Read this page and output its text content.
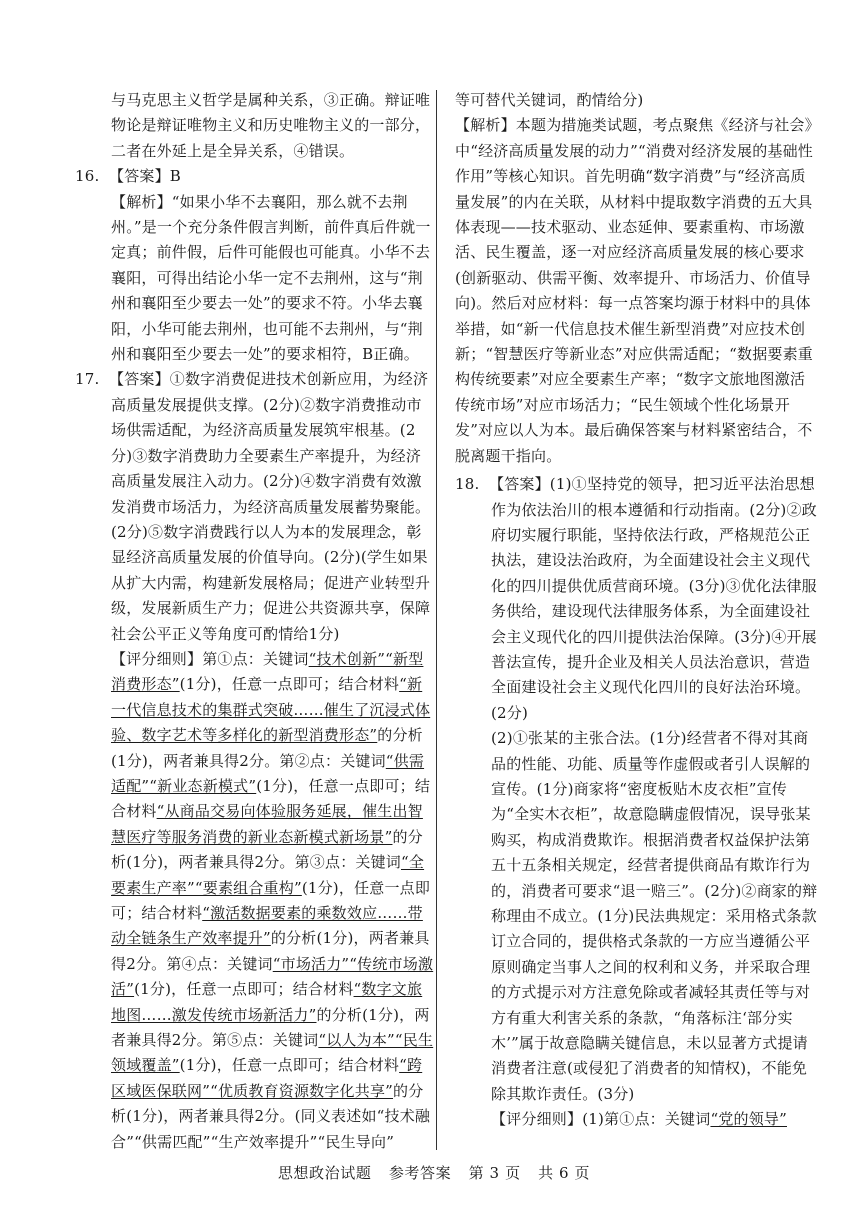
与马克思主义哲学是属种关系，③正确。辩证唯物论是辩证唯物主义和历史唯物主义的一部分，二者在外延上是全异关系，④错误。

16. 【答案】B

【解析】“如果小华不去襄阳，那么就不去荆州。”是一个充分条件假言判断，前件真后件就一定真；前件假，后件可能假也可能真。小华不去襄阳，可得出结论小华一定不去荆州，这与“荆州和襄阳至少要去一处”的要求不符。小华去襄阳，小华可能去荆州，也可能不去荆州，与“荆州和襄阳至少要去一处”的要求相符，B正确。

17. 【答案】①数字消费促进技术创新应用，为经济高质量发展提供支撑。(2分)②数字消费推动市场供需适配，为经济高质量发展筑牢根基。(2分)③数字消费助力全要素生产率提升，为经济高质量发展注入动力。(2分)④数字消费有效激发消费市场活力，为经济高质量发展蓄势聚能。(2分)⑤数字消费践行以人为本的发展理念，彰显经济高质量发展的价值导向。(2分)(学生如果从扩大内需，构建新发展格局；促进产业转型升级，发展新质生产力；促进公共资源共享，保障社会公平正义等角度可酌情给1分)

【评分细则】第①点：关键词“技术创新”“新型消费形态”(1分)，任意一点即可；结合材料“新一代信息技术的集群式突破……催生了沉浸式体验、数字艺术等多样化的新型消费形态”的分析(1分)，两者兼具得2分。第②点：关键词“供需适配”“新业态新模式”(1分)，任意一点即可；结合材料“从商品交易向体验服务延展，催生出智慧医疗等服务消费的新业态新模式新场景”的分析(1分)，两者兼具得2分。第③点：关键词“全要素生产率”“要素组合重构”(1分)，任意一点即可；结合材料“激活数据要素的乘数效应……带动全链条生产效率提升”的分析(1分)，两者兼具得2分。第④点：关键词“市场活力”“传统市场激活”(1分)，任意一点即可；结合材料“数字文旅地图……激发传统市场新活力”的分析(1分)，两者兼具得2分。第⑤点：关键词“以人为本”“民生领域覆盖”(1分)，任意一点即可；结合材料“跨区域医保联网”“优质教育资源数字化共享”的分析(1分)，两者兼具得2分。(同义表述如“技术融合”“供需匹配”“生产效率提升”“民生导向”

等可替代关键词，酌情给分)

【解析】本题为措施类试题，考点聚焦《经济与社会》中“经济高质量发展的动力”“消费对经济发展的基础性作用”等核心知识。首先明确“数字消费”与“经济高质量发展”的内在关联，从材料中提取数字消费的五大具体表现——技术驱动、业态延伸、要素重构、市场激活、民生覆盖，逐一对应经济高质量发展的核心要求(创新驱动、供需平衡、效率提升、市场活力、价值导向)。然后对应材料：每一点答案均源于材料中的具体举措，如“新一代信息技术催生新型消费”对应技术创新；“智慧医疗等新业态”对应供需适配；“数据要素重构传统要素”对应全要素生产率；“数字文旅地图激活传统市场”对应市场活力；“民生领域个性化场景开发”对应以人为本。最后确保答案与材料紧密结合，不脱离题干指向。

18. 【答案】(1)①坚持党的领导，把习近平法治思想作为依法治川的根本遵循和行动指南。(2分)②政府切实履行职能，坚持依法行政，严格规范公正执法，建设法治政府，为全面建设社会主义现代化的四川提供优质营商环境。(3分)③优化法律服务供给，建设现代法律服务体系，为全面建设社会主义现代化的四川提供法治保障。(3分)④开展普法宣传，提升企业及相关人员法治意识，营造全面建设社会主义现代化四川的良好法治环境。(2分)

(2)①张某的主张合法。(1分)经营者不得对其商品的性能、功能、质量等作虚假或者引人误解的宣传。(1分)商家将“密度板贴木皮衣柜”宣传为“全实木衣柜”，故意隐瞒虚假情况，误导张某购买，构成消费欺诈。根据消费者权益保护法第五十五条相关规定，经营者提供商品有欺诈行为的，消费者可要求“退一赔三”。(2分)②商家的辩称理由不成立。(1分)民法典规定：采用格式条款订立合同的，提供格式条款的一方应当遵循公平原则确定当事人之间的权利和义务，并采取合理的方式提示对方注意免除或者减轻其责任等与对方有重大利害关系的条款，“角落标注‘部分实木’”属于故意隐瞒关键信息，未以显著方式提请消费者注意(或侵犯了消费者的知情权)，不能免除其欺诈责任。(3分)

【评分细则】(1)第①点：关键词“党的领导”

思想政治试题 参考答案 第 3 页 共 6 页
